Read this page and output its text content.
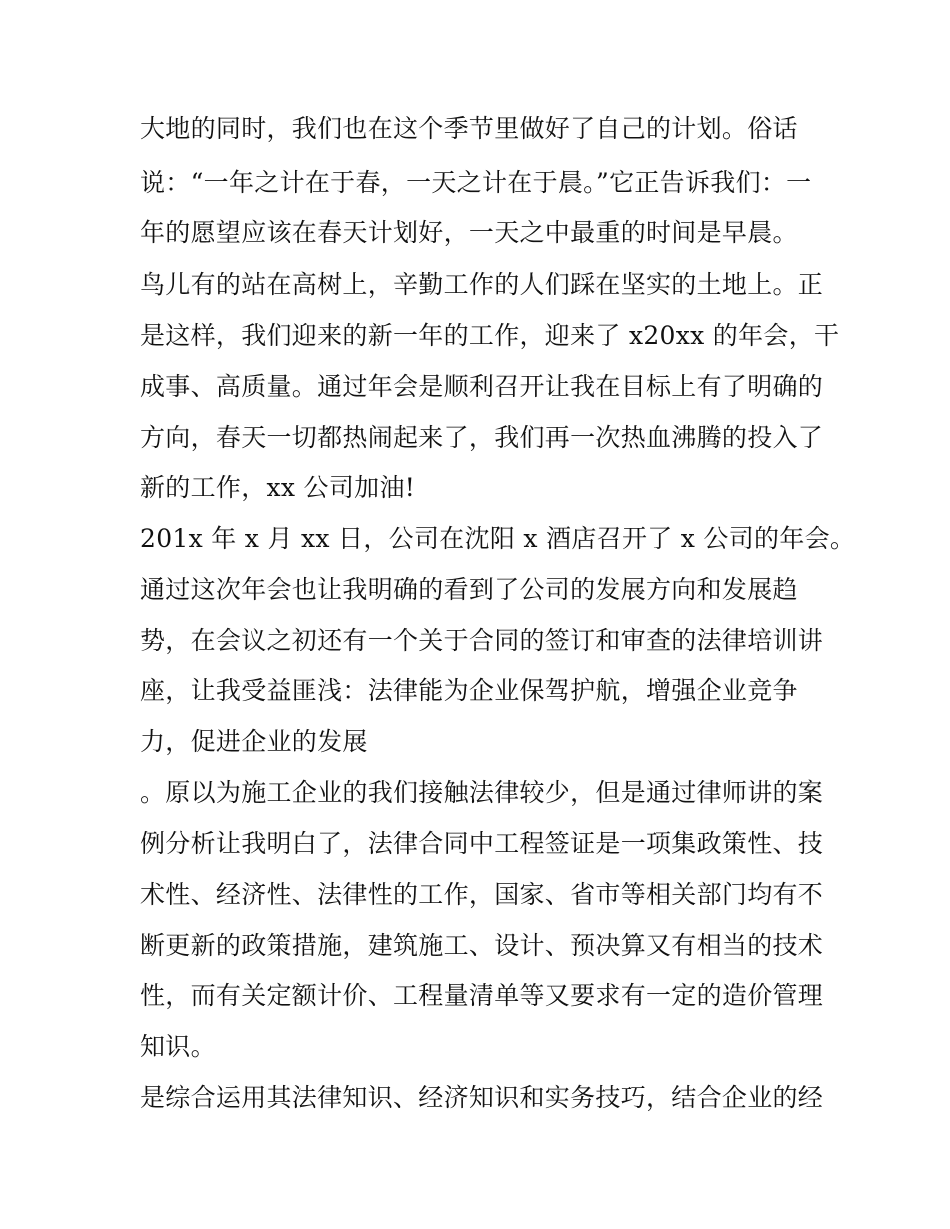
大地的同时，我们也在这个季节里做好了自己的计划。俗话
说：“一年之计在于春，一天之计在于晨。”它正告诉我们：一
年的愿望应该在春天计划好，一天之中最重的时间是早晨。
鸟儿有的站在高树上，辛勤工作的人们踩在坚实的土地上。正
是这样，我们迎来的新一年的工作，迎来了 x20xx 的年会，干
成事、高质量。通过年会是顺利召开让我在目标上有了明确的
方向，春天一切都热闹起来了，我们再一次热血沸腾的投入了
新的工作，xx 公司加油!
201x 年 x 月 xx 日，公司在沈阳 x 酒店召开了 x 公司的年会。
通过这次年会也让我明确的看到了公司的发展方向和发展趋
势，在会议之初还有一个关于合同的签订和审查的法律培训讲
座，让我受益匪浅：法律能为企业保驾护航，增强企业竞争
力，促进企业的发展
。原以为施工企业的我们接触法律较少，但是通过律师讲的案
例分析让我明白了，法律合同中工程签证是一项集政策性、技
术性、经济性、法律性的工作，国家、省市等相关部门均有不
断更新的政策措施，建筑施工、设计、预决算又有相当的技术
性，而有关定额计价、工程量清单等又要求有一定的造价管理
知识。
是综合运用其法律知识、经济知识和实务技巧，结合企业的经
